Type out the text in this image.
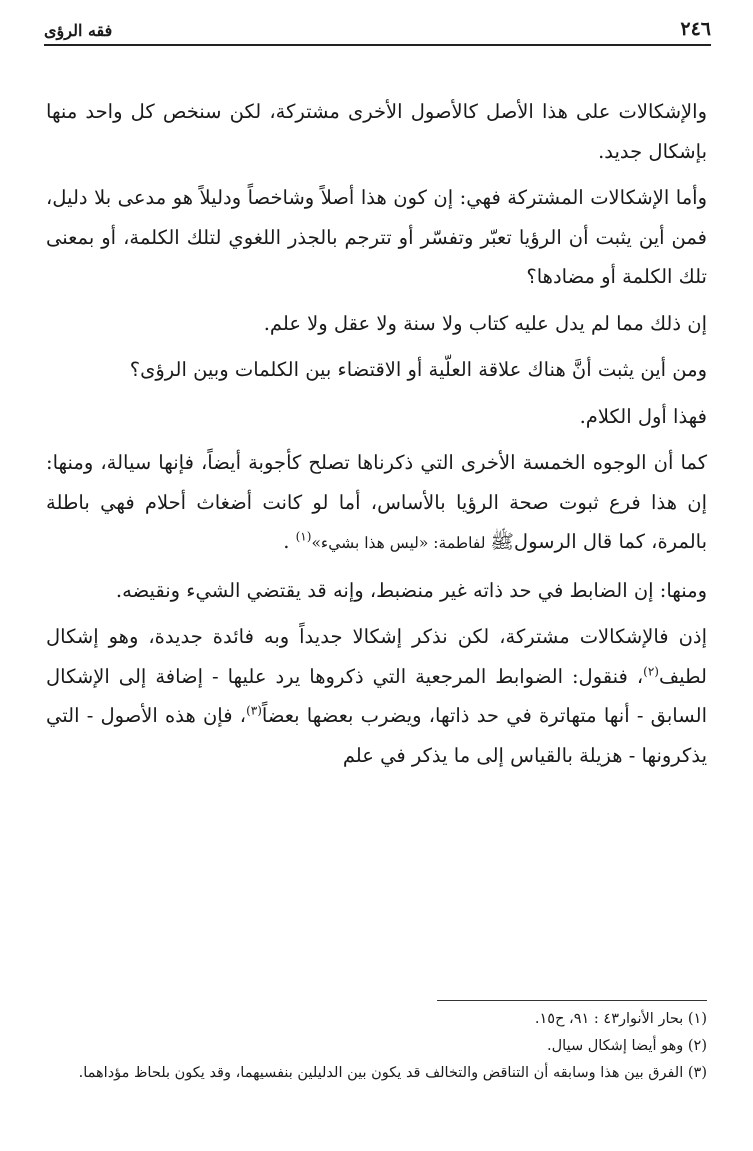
٢٤٦
فقه الرؤى

والإشكالات على هذا الأصل كالأصول الأخرى مشتركة، لكن سنخص كل واحد منها بإشكال جديد.

وأما الإشكالات المشتركة فهي: إن كون هذا أصلاً وشاخصاً ودليلاً هو مدعى بلا دليل، فمن أين يثبت أن الرؤيا تعبّر وتفسّر أو تترجم بالجذر اللغوي لتلك الكلمة، أو بمعنى تلك الكلمة أو مضادها؟

إن ذلك مما لم يدل عليه كتاب ولا سنة ولا عقل ولا علم.

ومن أين يثبت أنَّ هناك علاقة العلّية أو الاقتضاء بين الكلمات وبين الرؤى؟

فهذا أول الكلام.

كما أن الوجوه الخمسة الأخرى التي ذكرناها تصلح كأجوبة أيضاً، فإنها سيالة، ومنها: إن هذا فرع ثبوت صحة الرؤيا بالأساس، أما لو كانت أضغاث أحلام فهي باطلة بالمرة، كما قال الرسولﷺ لفاطمة: «ليس هذا بشيء»$^{(١)}$ .

ومنها: إن الضابط في حد ذاته غير منضبط، وإنه قد يقتضي الشيء ونقيضه.

إذن فالإشكالات مشتركة، لكن نذكر إشكالا جديداً وبه فائدة جديدة، وهو إشكال لطيف$^{(٢)}$، فنقول: الضوابط المرجعية التي ذكروها يرد عليها - إضافة إلى الإشكال السابق - أنها متهاترة في حد ذاتها، ويضرب بعضها بعضاً$^{(٣)}$، فإن هذه الأصول - التي يذكرونها - هزيلة بالقياس إلى ما يذكر في علم

(١) بحار الأنوار٤٣ : ٩١، ح١٥.

(٢) وهو أيضا إشكال سيال.

(٣) الفرق بين هذا وسابقه أن التناقض والتخالف قد يكون بين الدليلين بنفسيهما، وقد يكون بلحاظ مؤداهما.
